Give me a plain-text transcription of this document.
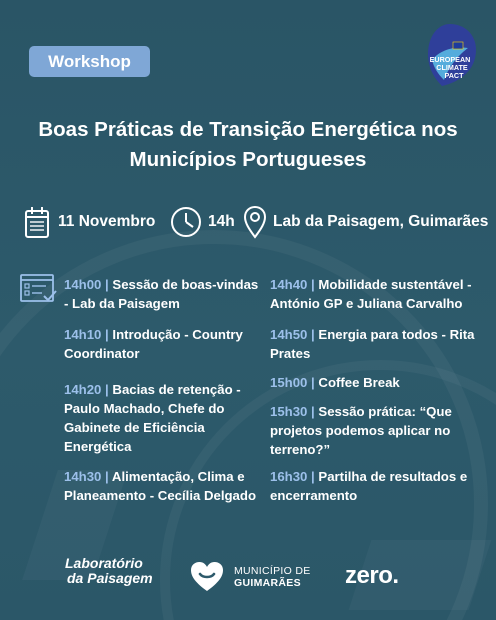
Workshop	EUROPEAN
CLIMATE
PACT
Boas Práticas de Transição Energética nos
Municípios Portugueses
11 Novembro	14h Lab da Paisagem, Guimarães
14h00 | Sessão de boas-vindas - Lab da Paisagem
14h10 | Introdução - Country Coordinator
14h20 | Bacias de retenção - Paulo Machado, Chefe do Gabinete de Eficiência Energética
14h30 | Alimentação, Clima e Planeamento - Cecília Delgado
14h40 | Mobilidade sustentável - António GP e Juliana Carvalho
14h50 | Energia para todos - Rita Prates
15h00 | Coffee Break
15h30 | Sessão prática: “Que projetos podemos aplicar no terreno?”
16h30 | Partilha de resultados e encerramento
Laboratório
da Paisagem	MUNICÍPIO DE
GUIMARÃES	zero.
